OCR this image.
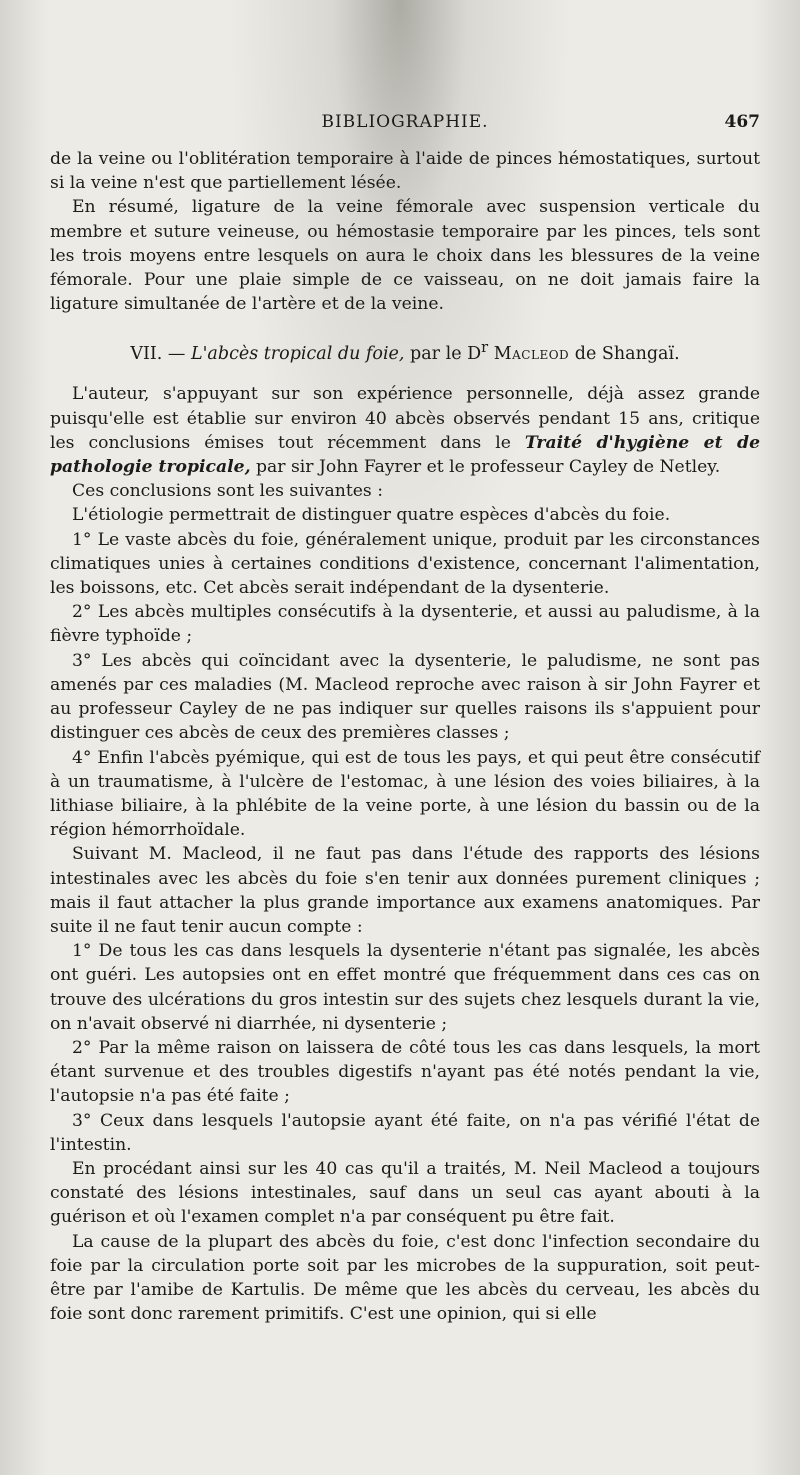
BIBLIOGRAPHIE.	467

de la veine ou l'oblitération temporaire à l'aide de pinces hémostatiques, surtout si la veine n'est que partiellement lésée.

En résumé, ligature de la veine fémorale avec suspension verticale du membre et suture veineuse, ou hémostasie temporaire par les pinces, tels sont les trois moyens entre lesquels on aura le choix dans les blessures de la veine fémorale. Pour une plaie simple de ce vaisseau, on ne doit jamais faire la ligature simultanée de l'artère et de la veine.

VII. — L'abcès tropical du foie, par le $D^r$ Macleod de Shangaï.

L'auteur, s'appuyant sur son expérience personnelle, déjà assez grande puisqu'elle est établie sur environ 40 abcès observés pendant 15 ans, critique les conclusions émises tout récemment dans le Traité d'hygiène et de pathologie tropicale, par sir John Fayrer et le professeur Cayley de Netley.

Ces conclusions sont les suivantes :

L'étiologie permettrait de distinguer quatre espèces d'abcès du foie.

1° Le vaste abcès du foie, généralement unique, produit par les circonstances climatiques unies à certaines conditions d'existence, concernant l'alimentation, les boissons, etc. Cet abcès serait indépendant de la dysenterie.

2° Les abcès multiples consécutifs à la dysenterie, et aussi au paludisme, à la fièvre typhoïde ;

3° Les abcès qui coïncidant avec la dysenterie, le paludisme, ne sont pas amenés par ces maladies (M. Macleod reproche avec raison à sir John Fayrer et au professeur Cayley de ne pas indiquer sur quelles raisons ils s'appuient pour distinguer ces abcès de ceux des premières classes ;

4° Enfin l'abcès pyémique, qui est de tous les pays, et qui peut être consécutif à un traumatisme, à l'ulcère de l'estomac, à une lésion des voies biliaires, à la lithiase biliaire, à la phlébite de la veine porte, à une lésion du bassin ou de la région hémorrhoïdale.

Suivant M. Macleod, il ne faut pas dans l'étude des rapports des lésions intestinales avec les abcès du foie s'en tenir aux données purement cliniques ; mais il faut attacher la plus grande importance aux examens anatomiques. Par suite il ne faut tenir aucun compte :

1° De tous les cas dans lesquels la dysenterie n'étant pas signalée, les abcès ont guéri. Les autopsies ont en effet montré que fréquemment dans ces cas on trouve des ulcérations du gros intestin sur des sujets chez lesquels durant la vie, on n'avait observé ni diarrhée, ni dysenterie ;

2° Par la même raison on laissera de côté tous les cas dans lesquels, la mort étant survenue et des troubles digestifs n'ayant pas été notés pendant la vie, l'autopsie n'a pas été faite ;

3° Ceux dans lesquels l'autopsie ayant été faite, on n'a pas vérifié l'état de l'intestin.

En procédant ainsi sur les 40 cas qu'il a traités, M. Neil Macleod a toujours constaté des lésions intestinales, sauf dans un seul cas ayant abouti à la guérison et où l'examen complet n'a par conséquent pu être fait.

La cause de la plupart des abcès du foie, c'est donc l'infection secondaire du foie par la circulation porte soit par les microbes de la suppuration, soit peut-être par l'amibe de Kartulis. De même que les abcès du cerveau, les abcès du foie sont donc rarement primitifs. C'est une opinion, qui si elle
